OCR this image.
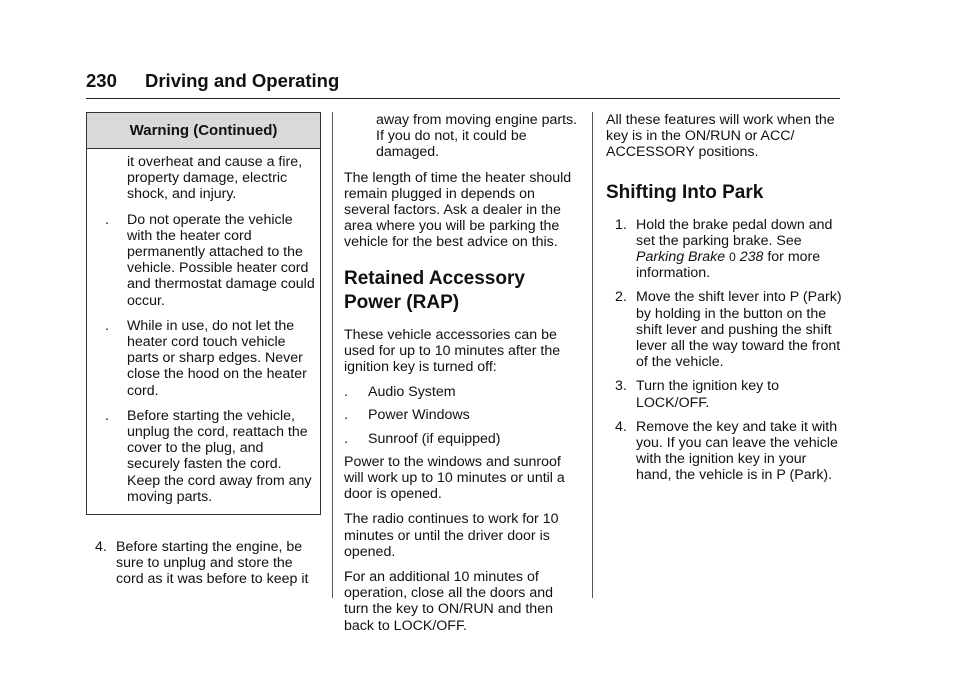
230 Driving and Operating
Warning (Continued)
it overheat and cause a fire, property damage, electric shock, and injury.
. Do not operate the vehicle with the heater cord permanently attached to the vehicle. Possible heater cord and thermostat damage could occur.
. While in use, do not let the heater cord touch vehicle parts or sharp edges. Never close the hood on the heater cord.
. Before starting the vehicle, unplug the cord, reattach the cover to the plug, and securely fasten the cord. Keep the cord away from any moving parts.
4. Before starting the engine, be sure to unplug and store the cord as it was before to keep it
away from moving engine parts. If you do not, it could be damaged.
The length of time the heater should remain plugged in depends on several factors. Ask a dealer in the area where you will be parking the vehicle for the best advice on this.
Retained Accessory Power (RAP)
These vehicle accessories can be used for up to 10 minutes after the ignition key is turned off:
. Audio System
. Power Windows
. Sunroof (if equipped)
Power to the windows and sunroof will work up to 10 minutes or until a door is opened.
The radio continues to work for 10 minutes or until the driver door is opened.
For an additional 10 minutes of operation, close all the doors and turn the key to ON/RUN and then back to LOCK/OFF.
All these features will work when the key is in the ON/RUN or ACC/ ACCESSORY positions.
Shifting Into Park
1. Hold the brake pedal down and set the parking brake. See Parking Brake 0 238 for more information.
2. Move the shift lever into P (Park) by holding in the button on the shift lever and pushing the shift lever all the way toward the front of the vehicle.
3. Turn the ignition key to LOCK/OFF.
4. Remove the key and take it with you. If you can leave the vehicle with the ignition key in your hand, the vehicle is in P (Park).
